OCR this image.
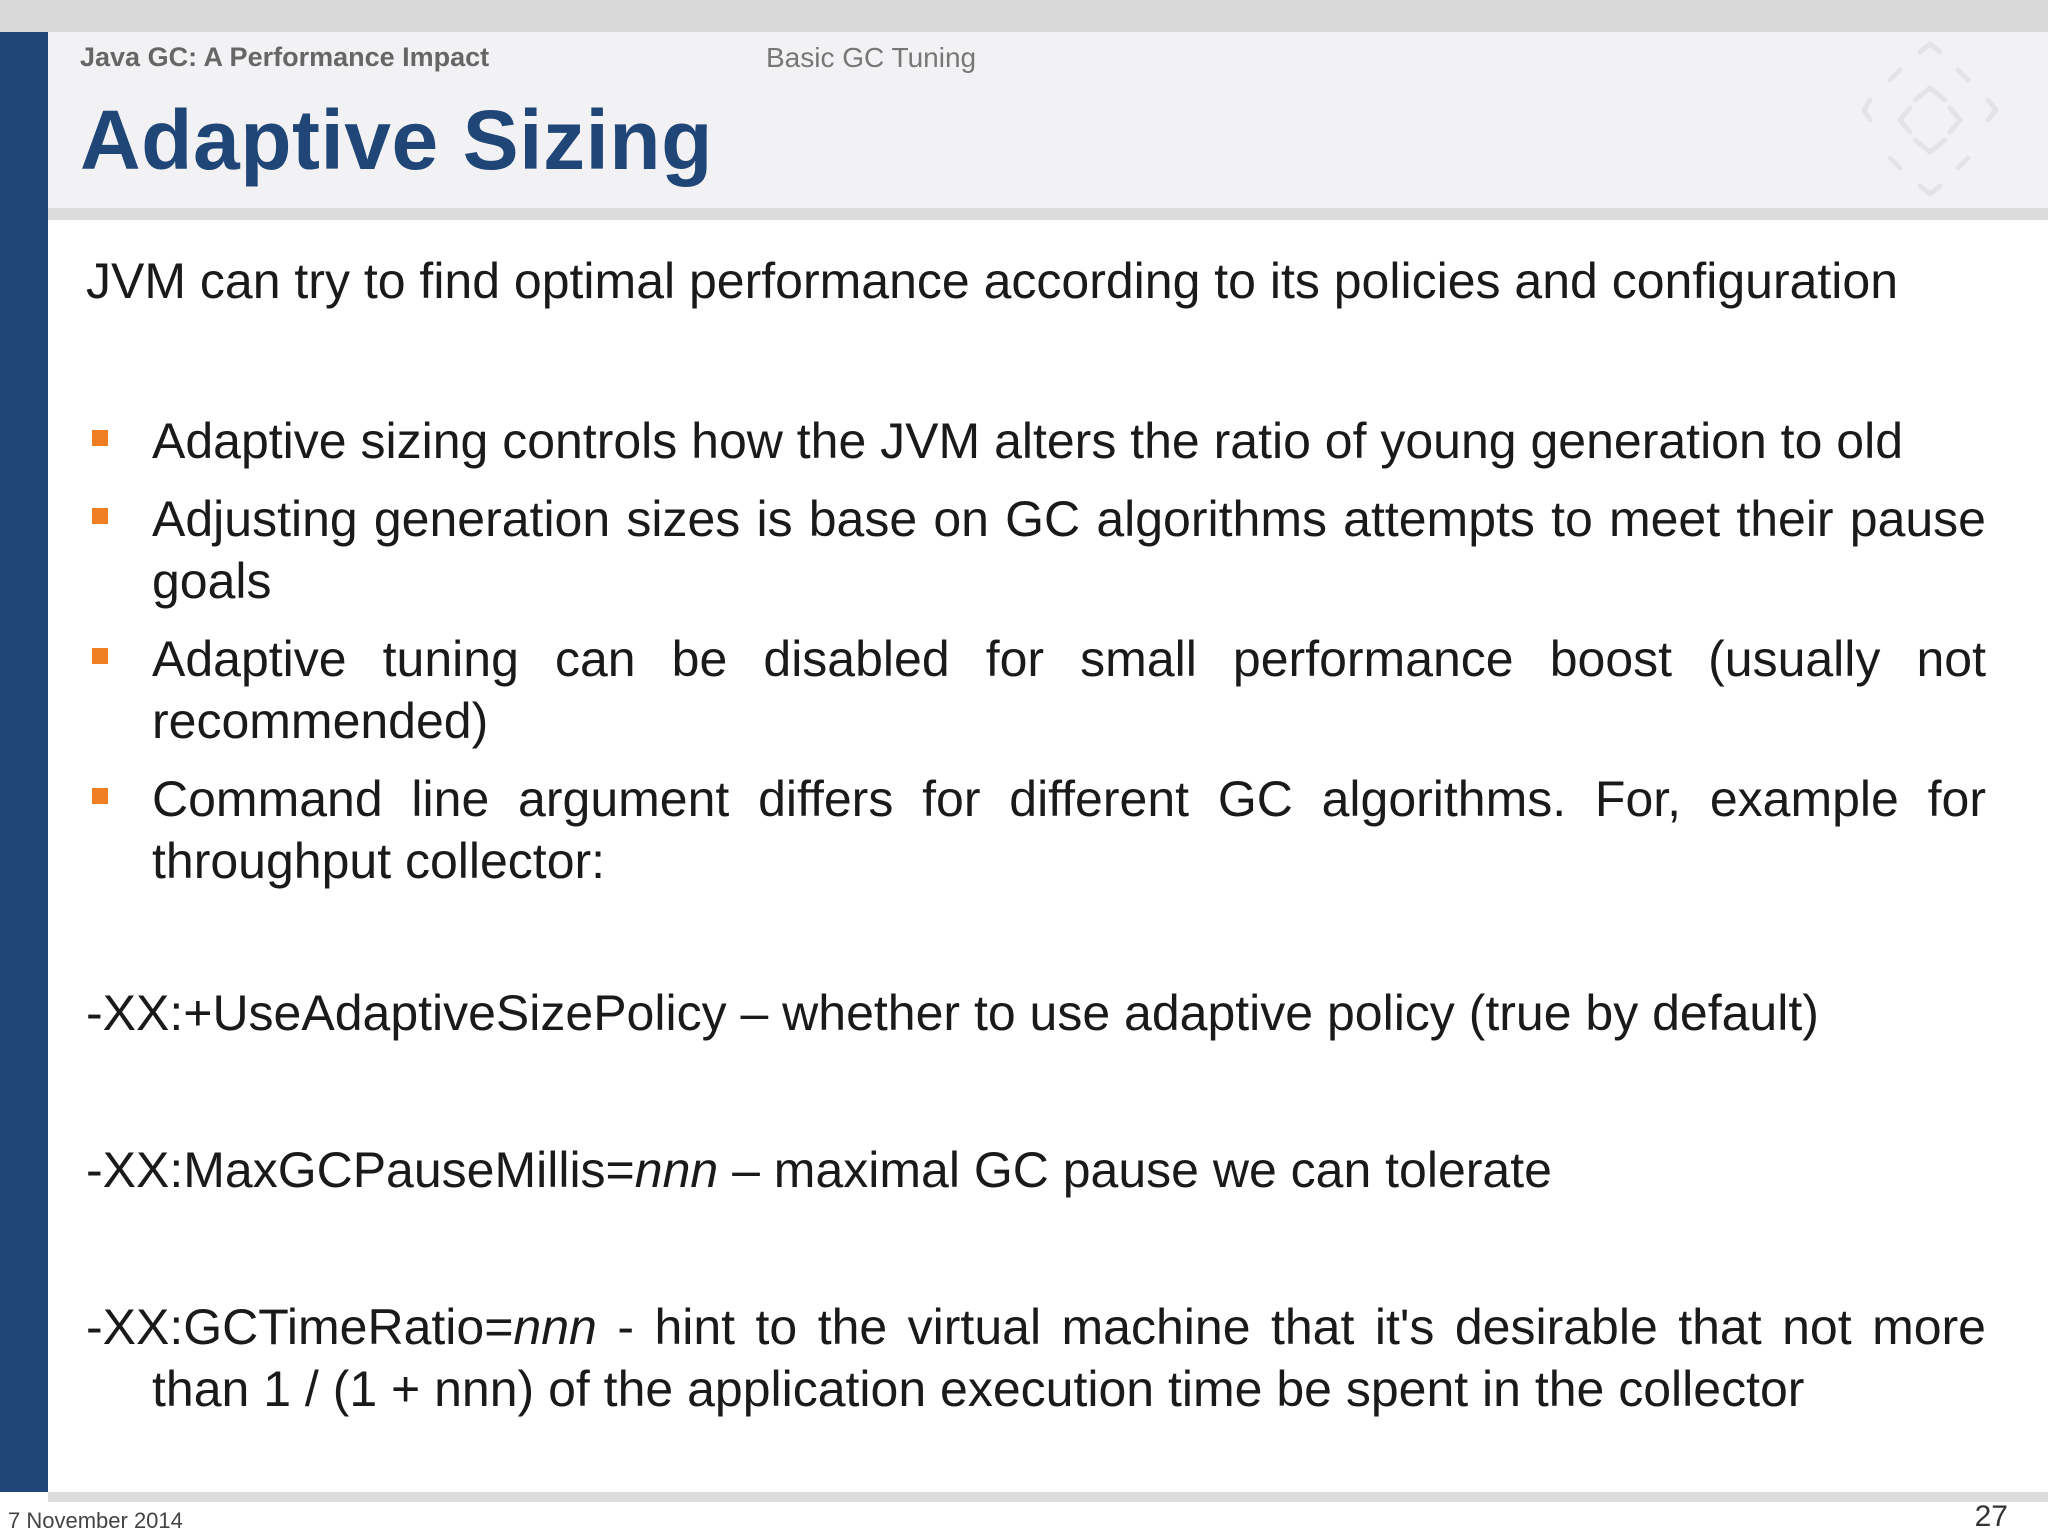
Java GC: A Performance Impact	Basic GC Tuning
Adaptive Sizing
JVM can try to find optimal performance according to its policies and configuration
Adaptive sizing controls how the JVM alters the ratio of young generation to old
Adjusting generation sizes is base on GC algorithms attempts to meet their pause goals
Adaptive tuning can be disabled for small performance boost (usually not recommended)
Command line argument differs for different GC algorithms. For, example for throughput collector:
-XX:+UseAdaptiveSizePolicy – whether to use adaptive policy (true by default)
-XX:MaxGCPauseMillis=nnn – maximal GC pause we can tolerate
-XX:GCTimeRatio=nnn - hint to the virtual machine that it's desirable that not more than 1 / (1 + nnn) of the application execution time be spent in the collector
7 November 2014	27
